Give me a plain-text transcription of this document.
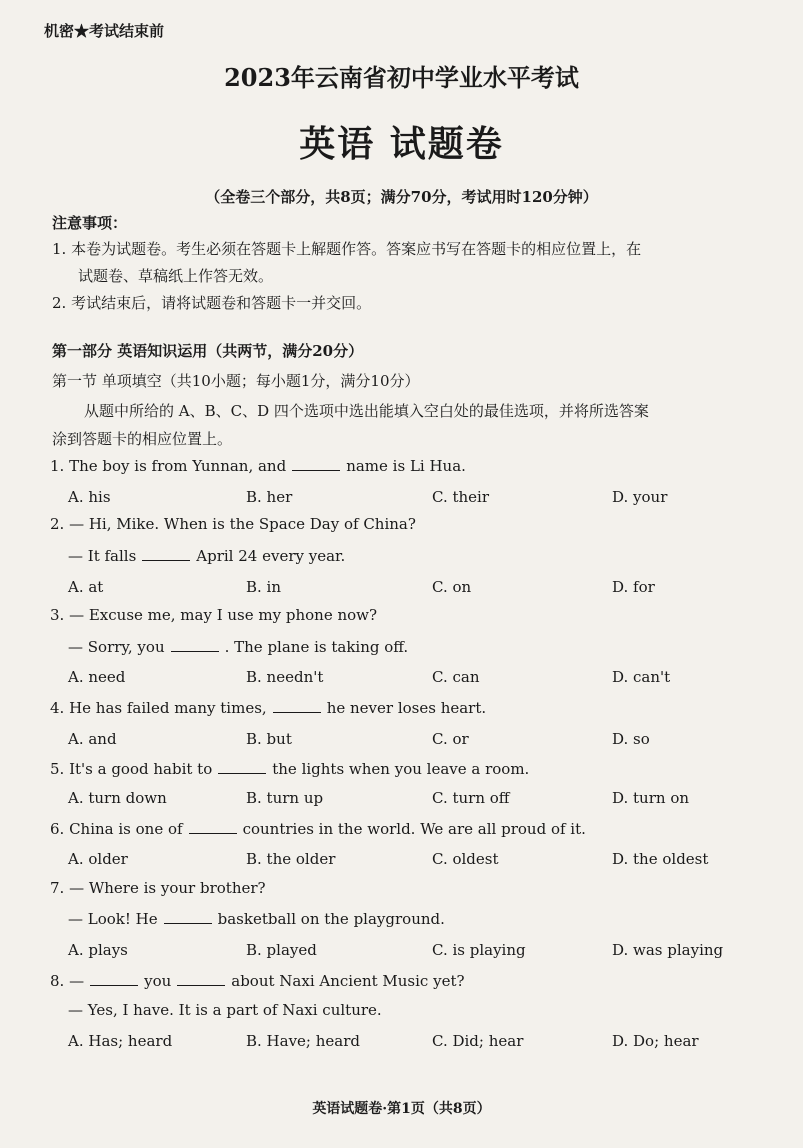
机密★考试结束前
2023年云南省初中学业水平考试
英语 试题卷
（全卷三个部分，共8页；满分70分，考试用时120分钟）
注意事项：
1. 本卷为试题卷。考生必须在答题卡上解题作答。答案应书写在答题卡的相应位置上，在
试题卷、草稿纸上作答无效。
2. 考试结束后，请将试题卷和答题卡一并交回。
第一部分 英语知识运用（共两节，满分20分）
第一节 单项填空（共10小题；每小题1分，满分10分）
从题中所给的 A、B、C、D 四个选项中选出能填入空白处的最佳选项，并将所选答案
涂到答题卡的相应位置上。
1. The boy is from Yunnan, and	name is Li Hua.
A. his	B. her	C. their	D. your
2. — Hi, Mike. When is the Space Day of China?
— It falls	April 24 every year.
A. at	B. in	C. on	D. for
3. — Excuse me, may I use my phone now?
— Sorry, you	. The plane is taking off.
A. need	B. needn't	C. can	D. can't
4. He has failed many times,	he never loses heart.
A. and	B. but	C. or	D. so
5. It's a good habit to	the lights when you leave a room.
A. turn down	B. turn up	C. turn off	D. turn on
6. China is one of	countries in the world. We are all proud of it.
A. older	B. the older	C. oldest	D. the oldest
7. — Where is your brother?
— Look! He	basketball on the playground.
A. plays	B. played	C. is playing	D. was playing
8. —	you	about Naxi Ancient Music yet?
— Yes, I have. It is a part of Naxi culture.
A. Has; heard	B. Have; heard	C. Did; hear	D. Do; hear
英语试题卷·第1页（共8页）
